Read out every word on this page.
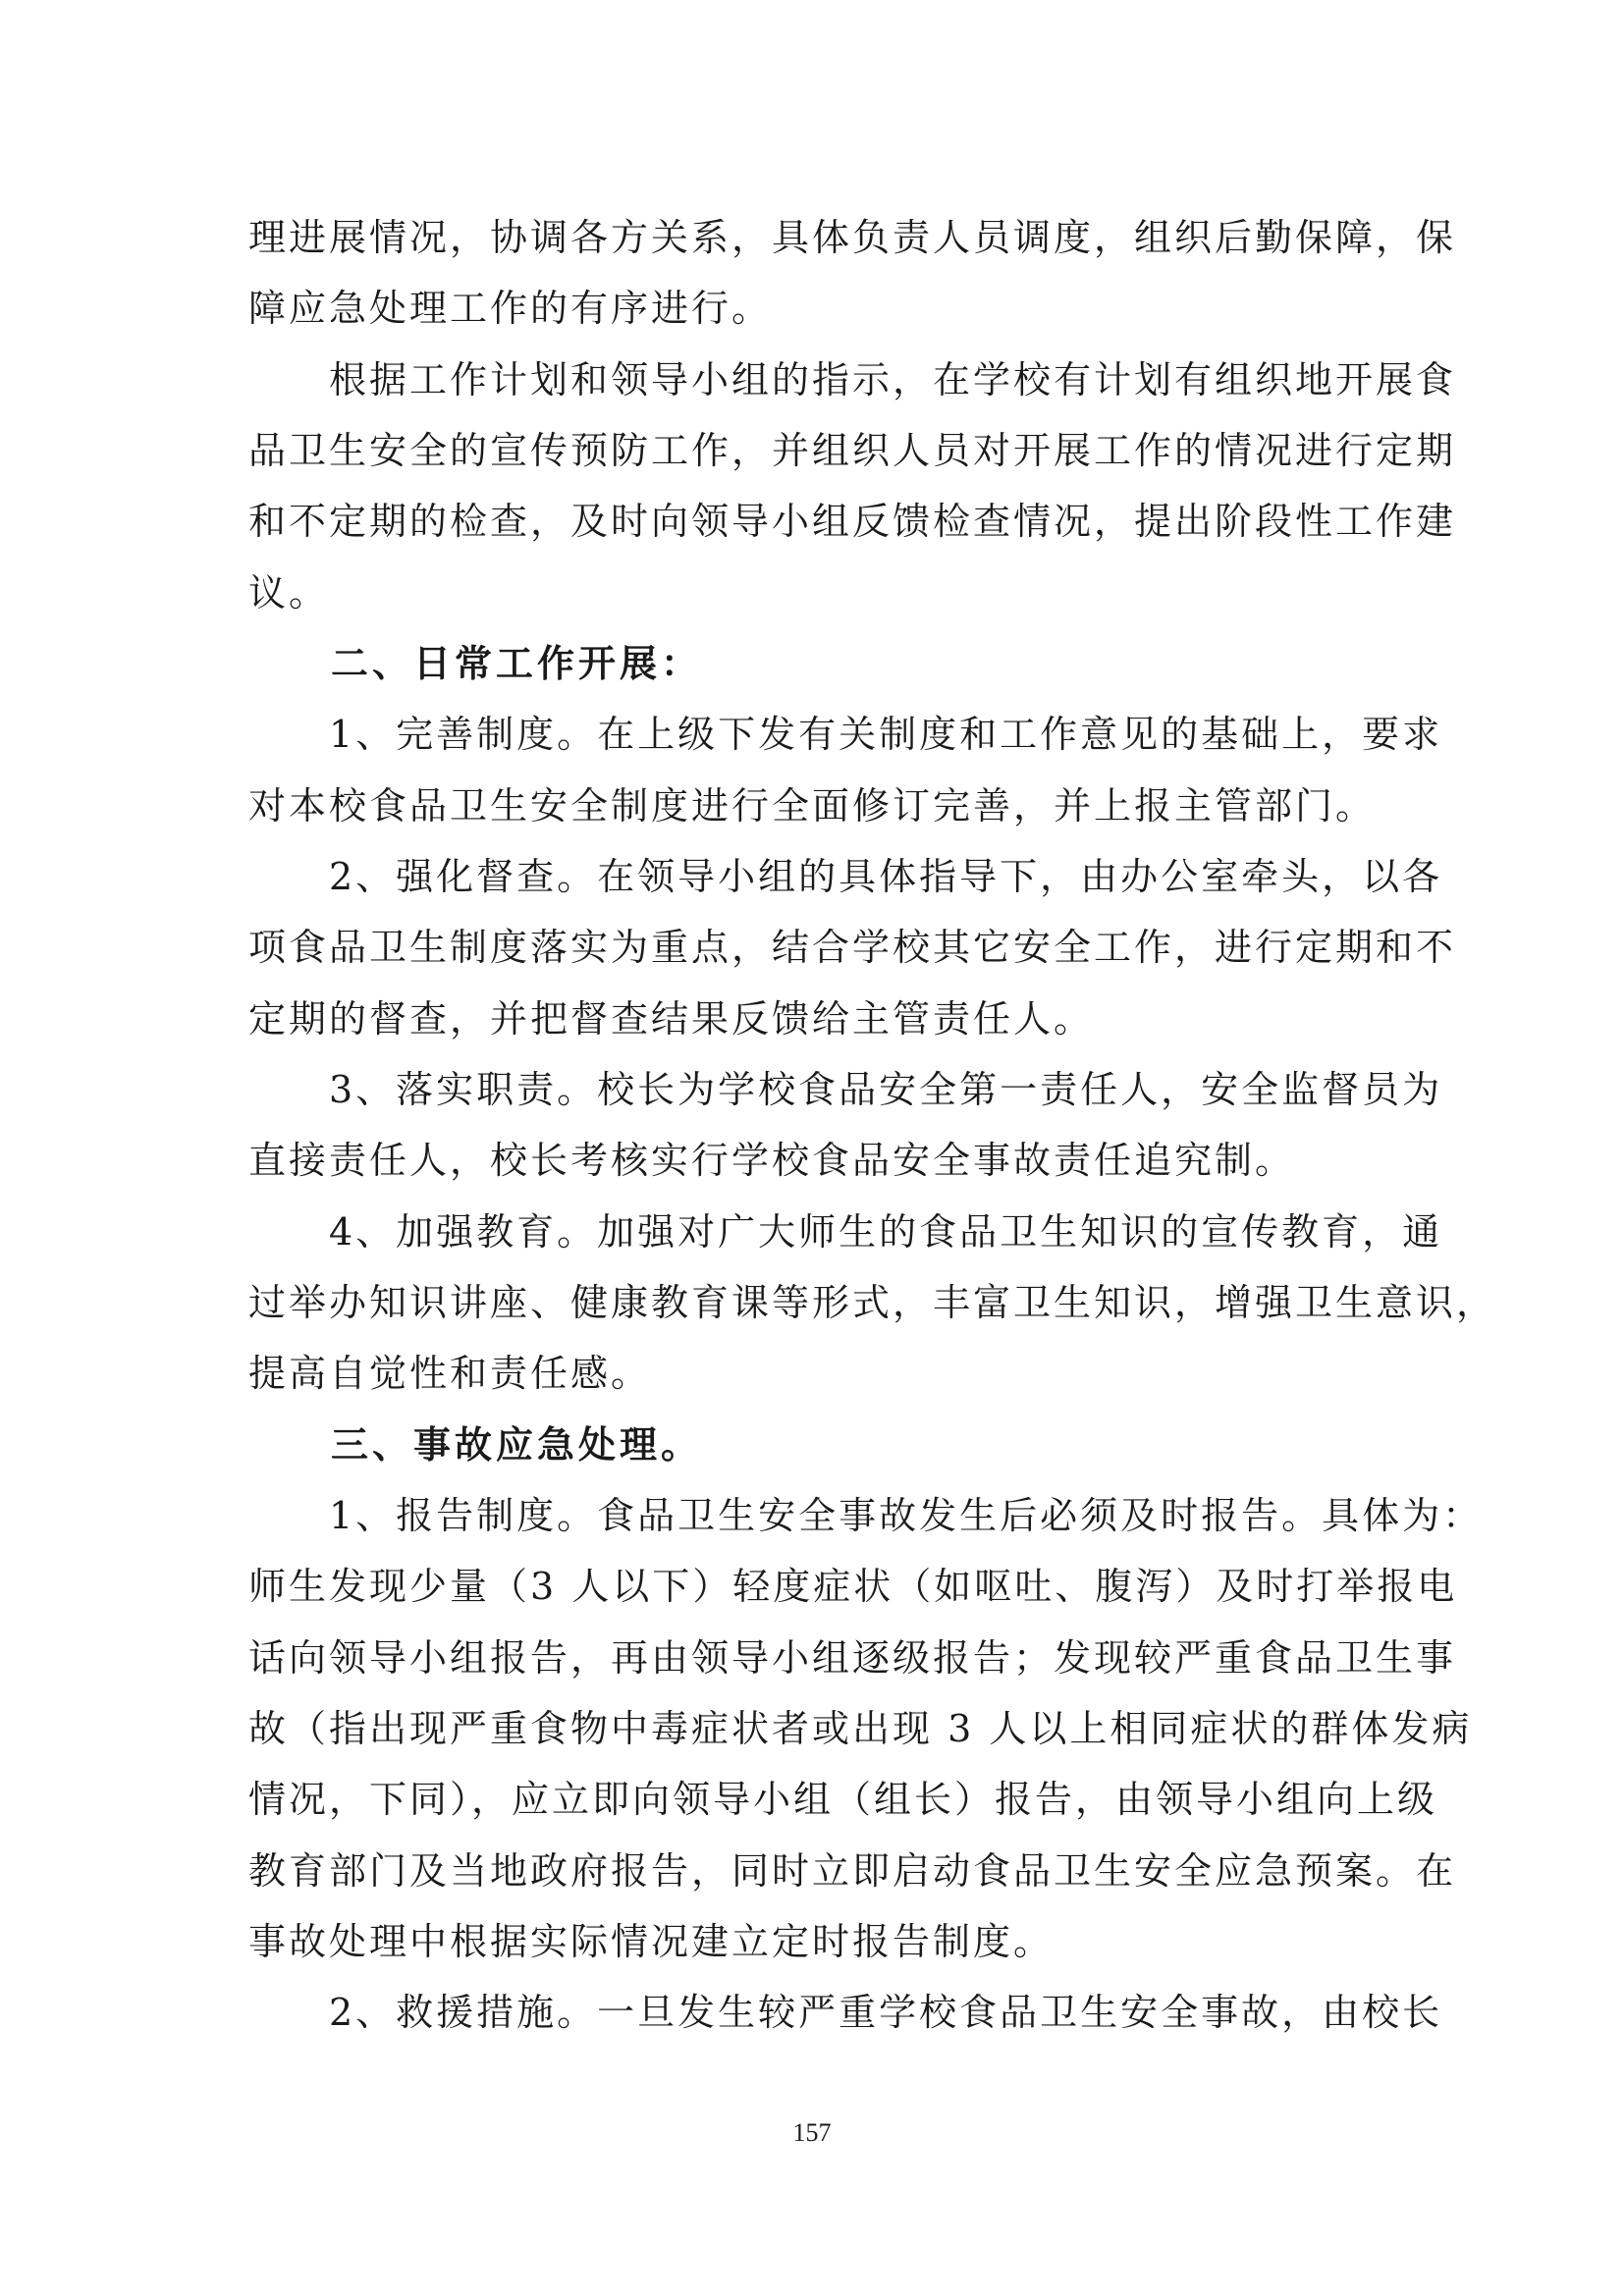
理进展情况，协调各方关系，具体负责人员调度，组织后勤保障，保
障应急处理工作的有序进行。
　　根据工作计划和领导小组的指示，在学校有计划有组织地开展食
品卫生安全的宣传预防工作，并组织人员对开展工作的情况进行定期
和不定期的检查，及时向领导小组反馈检查情况，提出阶段性工作建
议。
　　二、日常工作开展：
　　1、完善制度。在上级下发有关制度和工作意见的基础上，要求
对本校食品卫生安全制度进行全面修订完善，并上报主管部门。
　　2、强化督查。在领导小组的具体指导下，由办公室牵头，以各
项食品卫生制度落实为重点，结合学校其它安全工作，进行定期和不
定期的督查，并把督查结果反馈给主管责任人。
　　3、落实职责。校长为学校食品安全第一责任人，安全监督员为
直接责任人，校长考核实行学校食品安全事故责任追究制。
　　4、加强教育。加强对广大师生的食品卫生知识的宣传教育，通
过举办知识讲座、健康教育课等形式，丰富卫生知识，增强卫生意识，
提高自觉性和责任感。
　　三、事故应急处理。
　　1、报告制度。食品卫生安全事故发生后必须及时报告。具体为：
师生发现少量（3 人以下）轻度症状（如呕吐、腹泻）及时打举报电
话向领导小组报告，再由领导小组逐级报告；发现较严重食品卫生事
故（指出现严重食物中毒症状者或出现 3 人以上相同症状的群体发病
情况，下同），应立即向领导小组（组长）报告，由领导小组向上级
教育部门及当地政府报告，同时立即启动食品卫生安全应急预案。在
事故处理中根据实际情况建立定时报告制度。
　　2、救援措施。一旦发生较严重学校食品卫生安全事故，由校长
157
